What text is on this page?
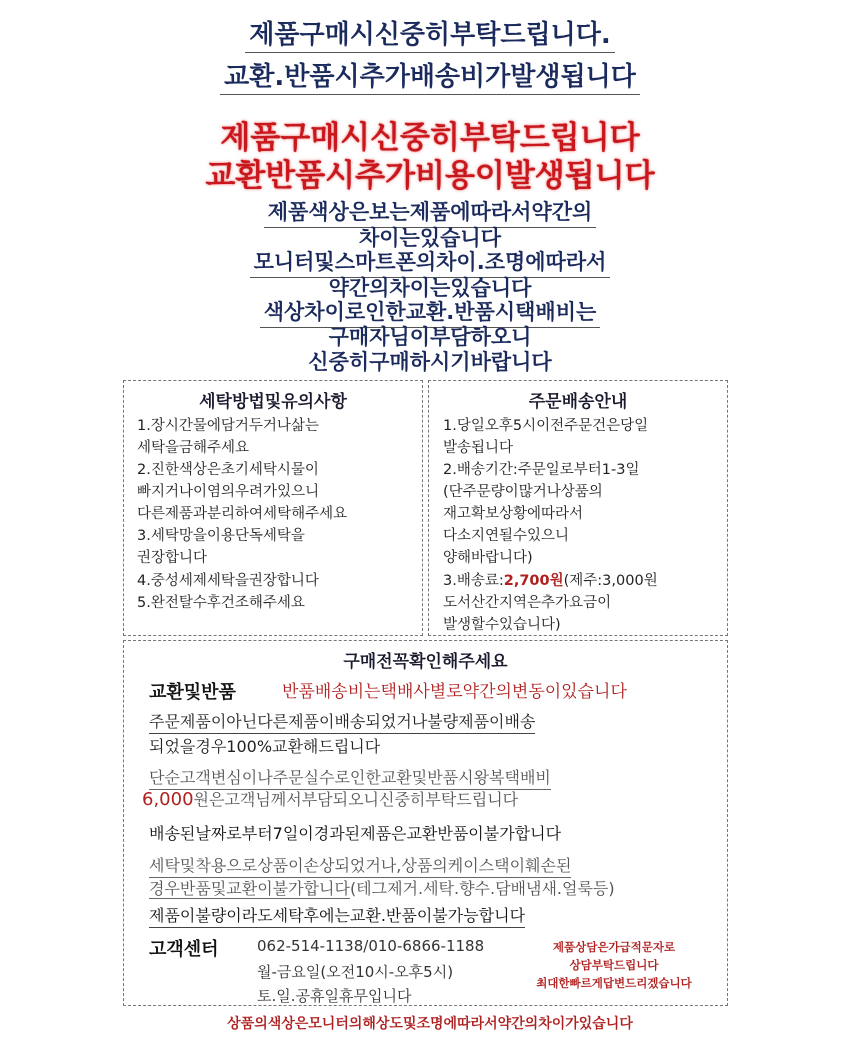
제품구매시신중히부탁드립니다.
교환.반품시추가배송비가발생됩니다
제품구매시신중히부탁드립니다
교환반품시추가비용이발생됩니다
제품색상은보는제품에따라서약간의
차이는있습니다
모니터및스마트폰의차이.조명에따라서
약간의차이는있습니다
색상차이로인한교환.반품시택배비는
구매자님이부담하오니
신중히구매하시기바랍니다
세탁방법및유의사항
1.장시간물에담거두거나삶는
세탁을금해주세요
2.진한색상은초기세탁시물이
빠지거나이염의우려가있으니
다른제품과분리하여세탁해주세요
3.세탁망을이용단독세탁을
권장합니다
4.중성세제세탁을권장합니다
5.완전탈수후건조해주세요
주문배송안내
1.당일오후5시이전주문건은당일
발송됩니다
2.배송기간:주문일로부터1-3일
(단주문량이많거나상품의
재고확보상황에따라서
다소지연될수있으니
양해바랍니다)
3.배송료:2,700원(제주:3,000원
도서산간지역은추가요금이
발생할수있습니다)
구매전꼭확인해주세요
교환및반품	반품배송비는택배사별로약간의변동이있습니다
주문제품이아닌다른제품이배송되었거나불량제품이배송
되었을경우100%교환해드립니다
단순고객변심이나주문실수로인한교환및반품시왕복택배비
6,000원은고객님께서부담되오니신중히부탁드립니다
배송된날짜로부터7일이경과된제품은교환반품이불가합니다
세탁및착용으로상품이손상되었거나,상품의케이스택이훼손된
경우반품및교환이불가합니다(테그제거.세탁.향수.담배냄새.얼룩등)
제품이불량이라도세탁후에는교환.반품이불가능합니다
고객센터	062-514-1138/010-6866-1188
월-금요일(오전10시-오후5시)
토.일.공휴일휴무입니다
제품상담은가급적문자로
상담부탁드립니다
최대한빠르게답변드리겠습니다
상품의색상은모니터의해상도및조명에따라서약간의차이가있습니다
